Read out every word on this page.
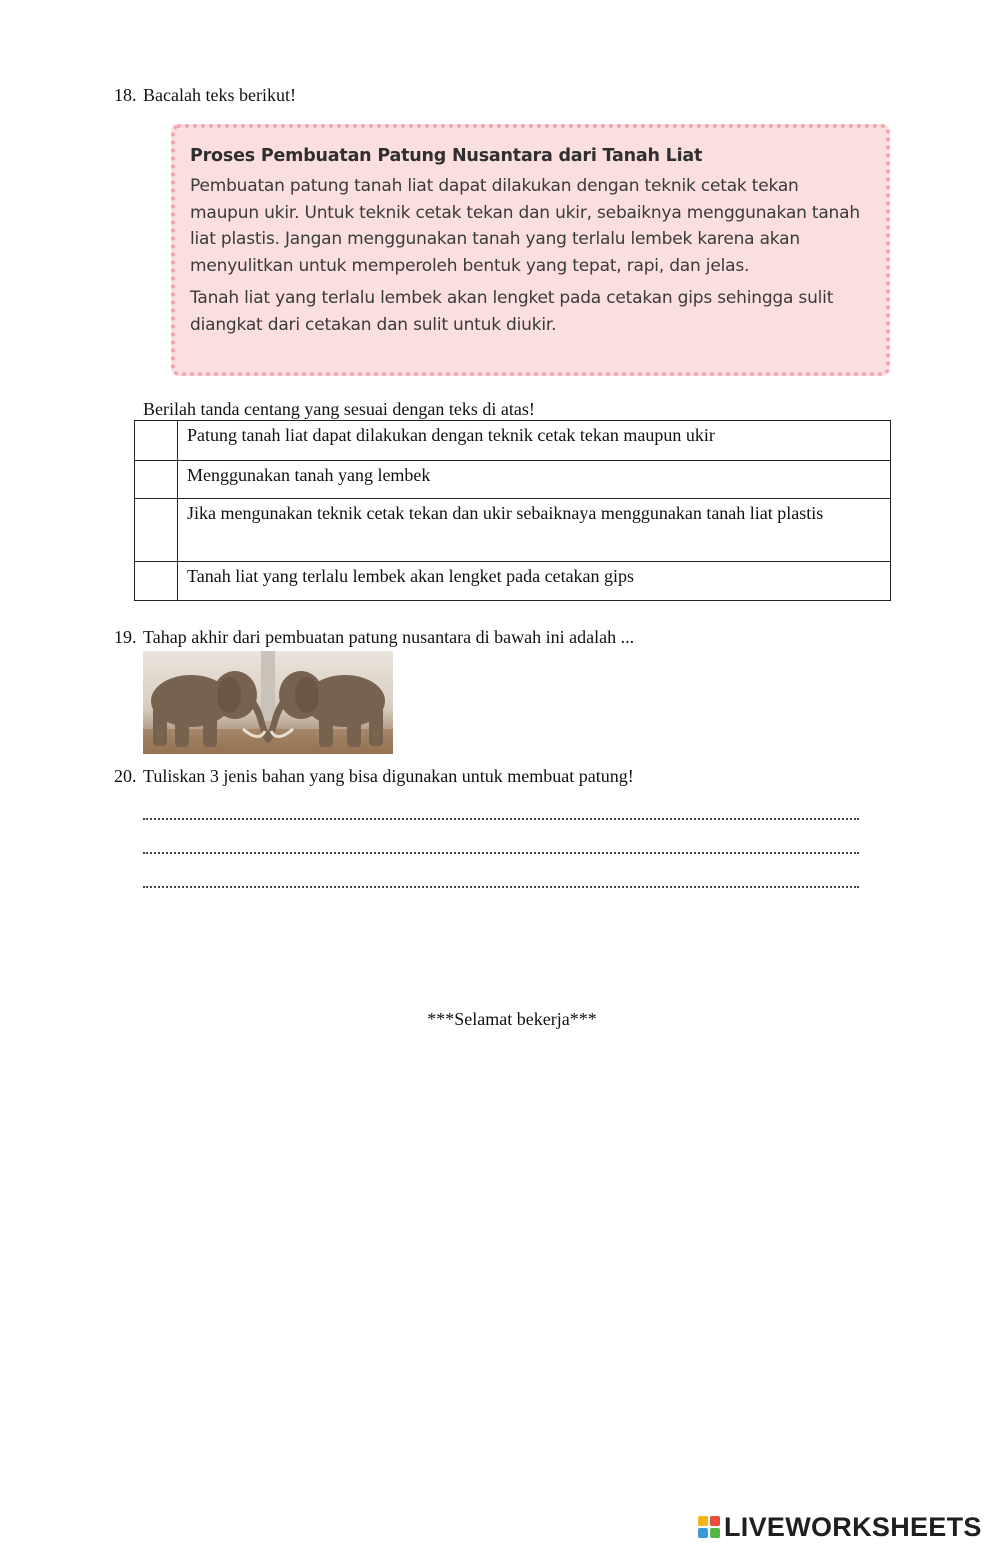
18. Bacalah teks berikut!
Proses Pembuatan Patung Nusantara dari Tanah Liat

Pembuatan patung tanah liat dapat dilakukan dengan teknik cetak tekan maupun ukir. Untuk teknik cetak tekan dan ukir, sebaiknya menggunakan tanah liat plastis. Jangan menggunakan tanah yang terlalu lembek karena akan menyulitkan untuk memperoleh bentuk yang tepat, rapi, dan jelas.

Tanah liat yang terlalu lembek akan lengket pada cetakan gips sehingga sulit diangkat dari cetakan dan sulit untuk diukir.

Berilah tanda centang yang sesuai dengan teks di atas!
	Patung tanah liat dapat dilakukan dengan teknik cetak tekan maupun ukir
	Menggunakan tanah yang lembek
	Jika mengunakan teknik cetak tekan dan ukir sebaiknaya menggunakan tanah liat plastis
	Tanah liat yang terlalu lembek akan lengket pada cetakan gips
19. Tahap akhir dari pembuatan patung nusantara di bawah ini adalah ...
20. Tuliskan 3 jenis bahan yang bisa digunakan untuk membuat patung!
***Selamat bekerja***
LIVEWORKSHEETS
